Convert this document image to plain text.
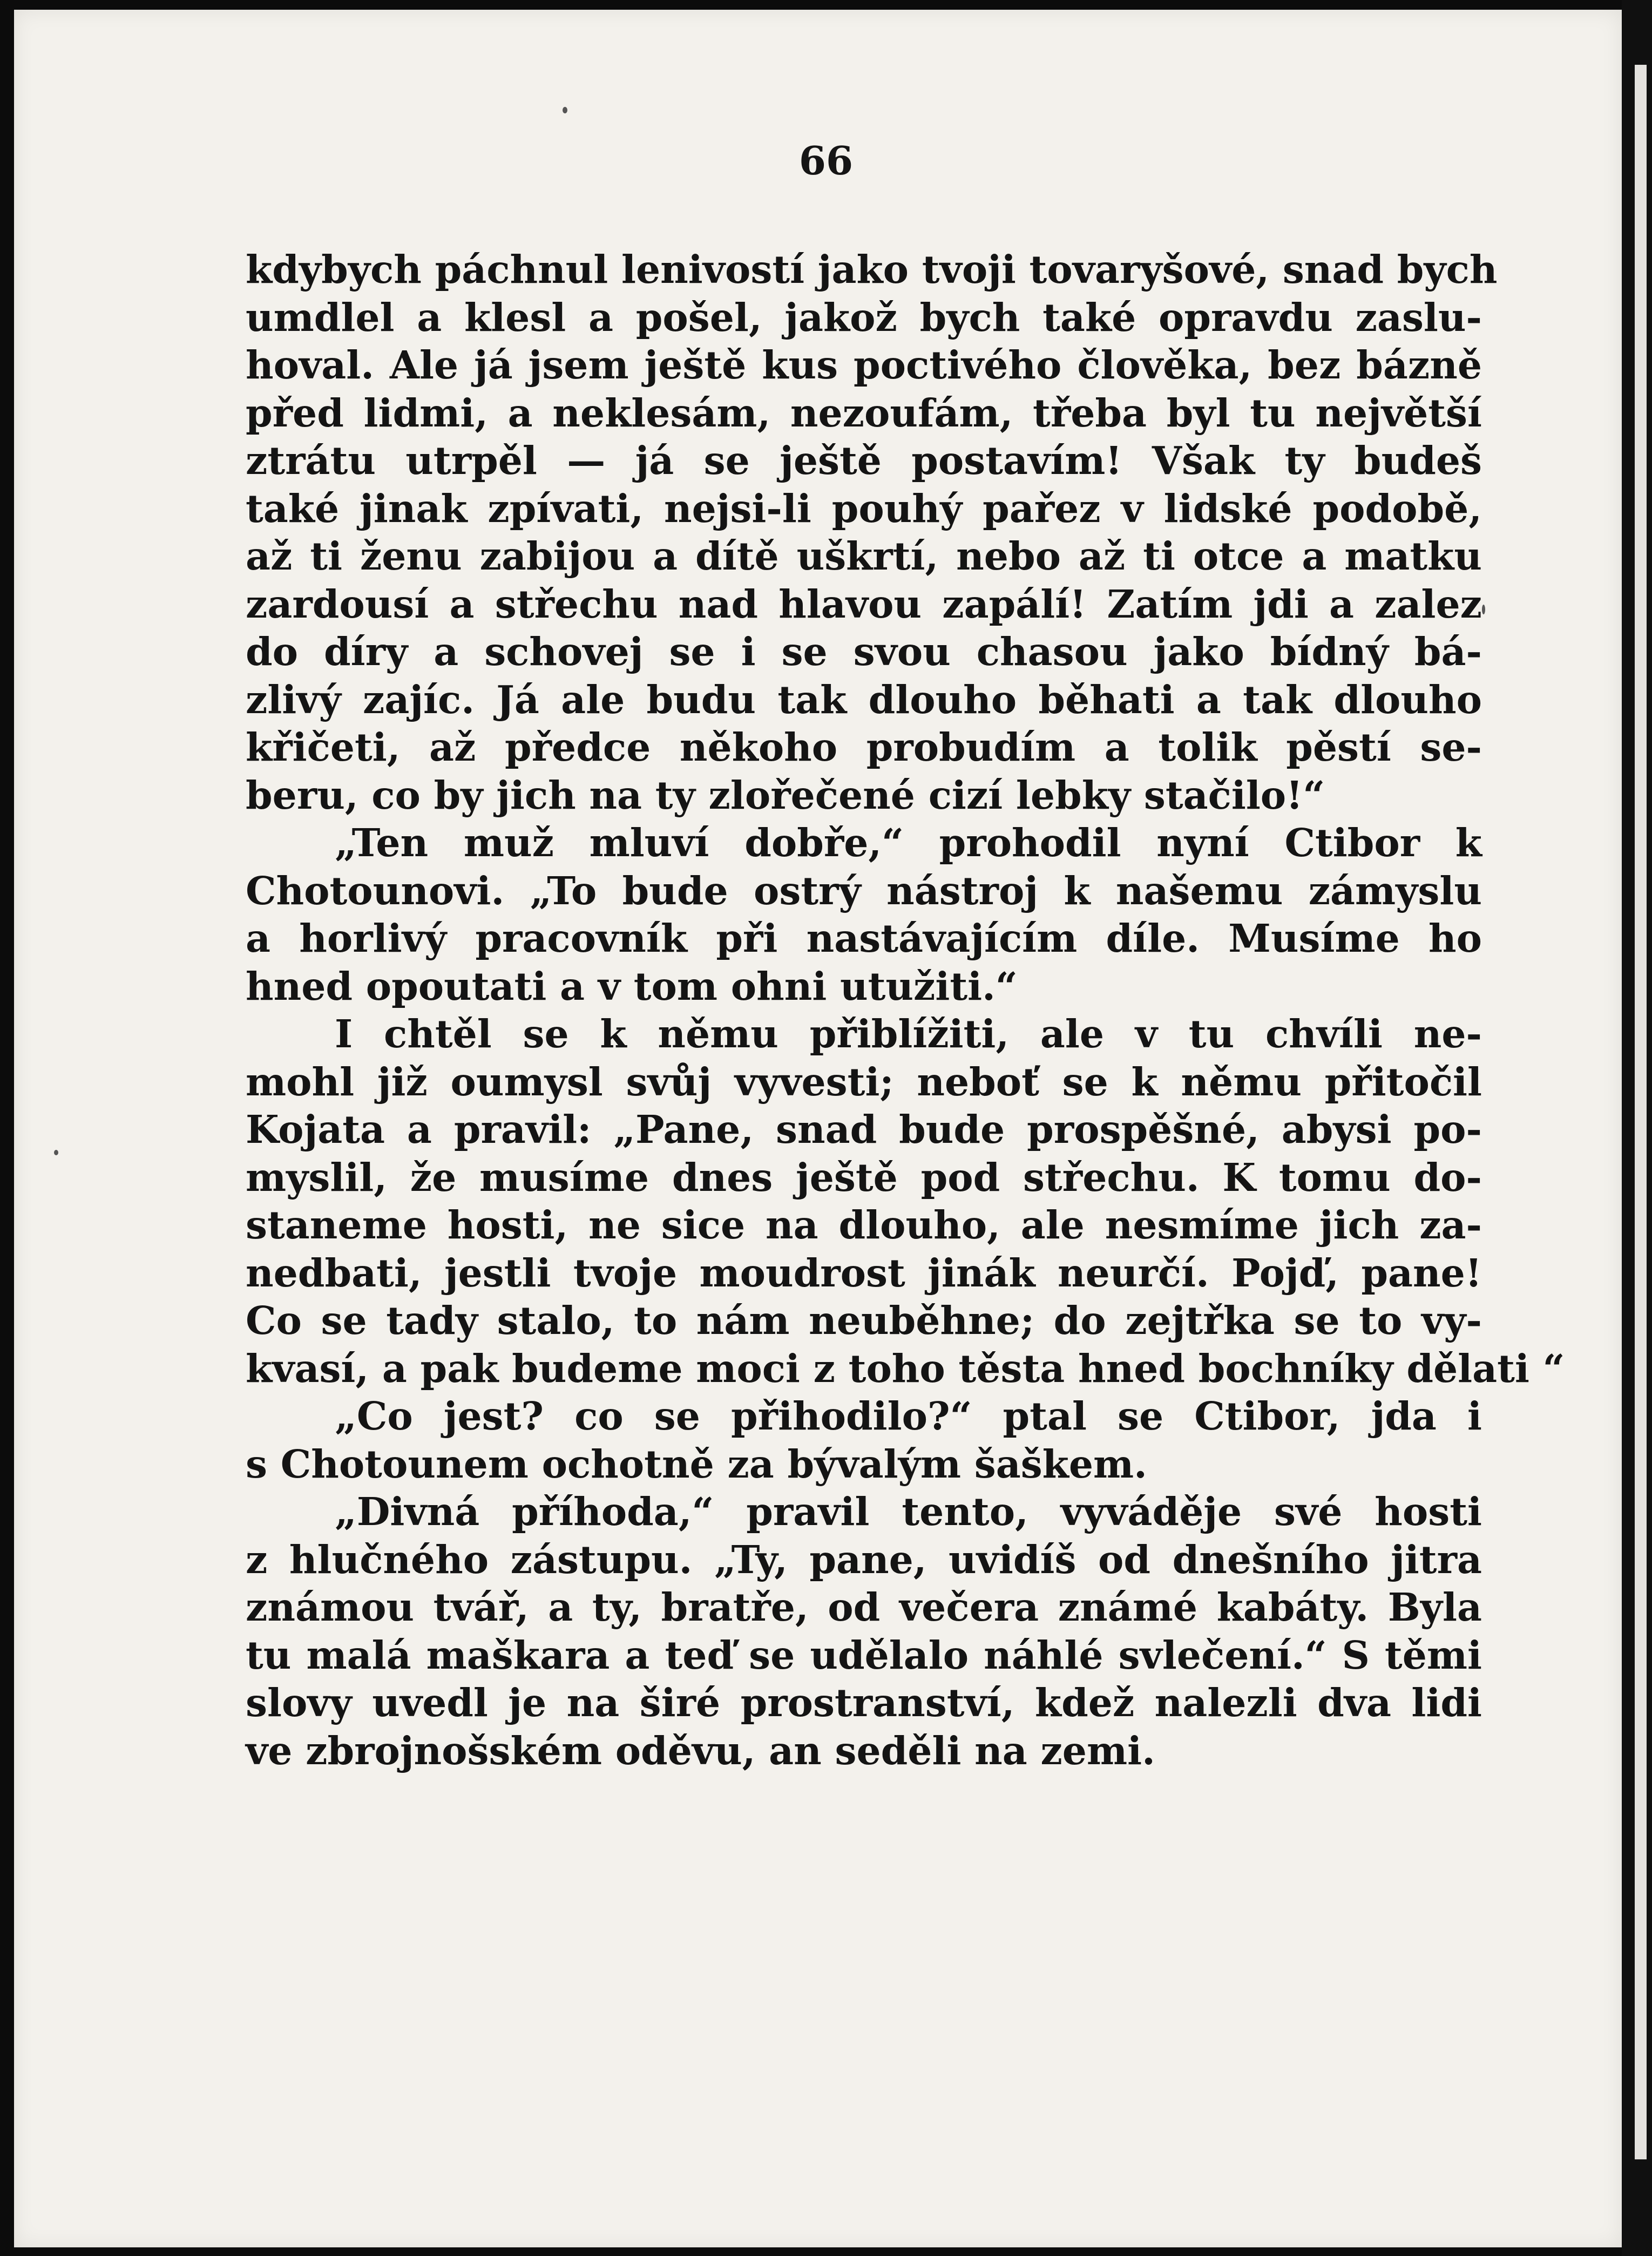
66
kdybych páchnul lenivostí jako tvoji tovaryšové, snad bych
umdlel a klesl a pošel, jakož bych také opravdu zaslu-
hoval. Ale já jsem ještě kus poctivého člověka, bez bázně
před lidmi, a neklesám, nezoufám, třeba byl tu největší
ztrátu utrpěl — já se ještě postavím! Však ty budeš
také jinak zpívati, nejsi-li pouhý pařez v lidské podobě,
až ti ženu zabijou a dítě uškrtí, nebo až ti otce a matku
zardousí a střechu nad hlavou zapálí! Zatím jdi a zalez
do díry a schovej se i se svou chasou jako bídný bá-
zlivý zajíc. Já ale budu tak dlouho běhati a tak dlouho
křičeti, až předce někoho probudím a tolik pěstí se-
beru, co by jich na ty zlořečené cizí lebky stačilo!“
„Ten muž mluví dobře,“ prohodil nyní Ctibor k
Chotounovi. „To bude ostrý nástroj k našemu zámyslu
a horlivý pracovník při nastávajícím díle. Musíme ho
hned opoutati a v tom ohni utužiti.“
I chtěl se k němu přiblížiti, ale v tu chvíli ne-
mohl již oumysl svůj vyvesti; neboť se k němu přitočil
Kojata a pravil: „Pane, snad bude prospěšné, abysi po-
myslil, že musíme dnes ještě pod střechu. K tomu do-
staneme hosti, ne sice na dlouho, ale nesmíme jich za-
nedbati, jestli tvoje moudrost jinák neurčí. Pojď, pane!
Co se tady stalo, to nám neuběhne; do zejtřka se to vy-
kvasí, a pak budeme moci z toho těsta hned bochníky dělati “
„Co jest? co se přihodilo?“ ptal se Ctibor, jda i
s Chotounem ochotně za bývalým šaškem.
„Divná příhoda,“ pravil tento, vyváděje své hosti
z hlučného zástupu. „Ty, pane, uvidíš od dnešního jitra
známou tvář, a ty, bratře, od večera známé kabáty. Byla
tu malá maškara a teď se udělalo náhlé svlečení.“ S těmi
slovy uvedl je na širé prostranství, kdež nalezli dva lidi
ve zbrojnošském oděvu, an seděli na zemi.
